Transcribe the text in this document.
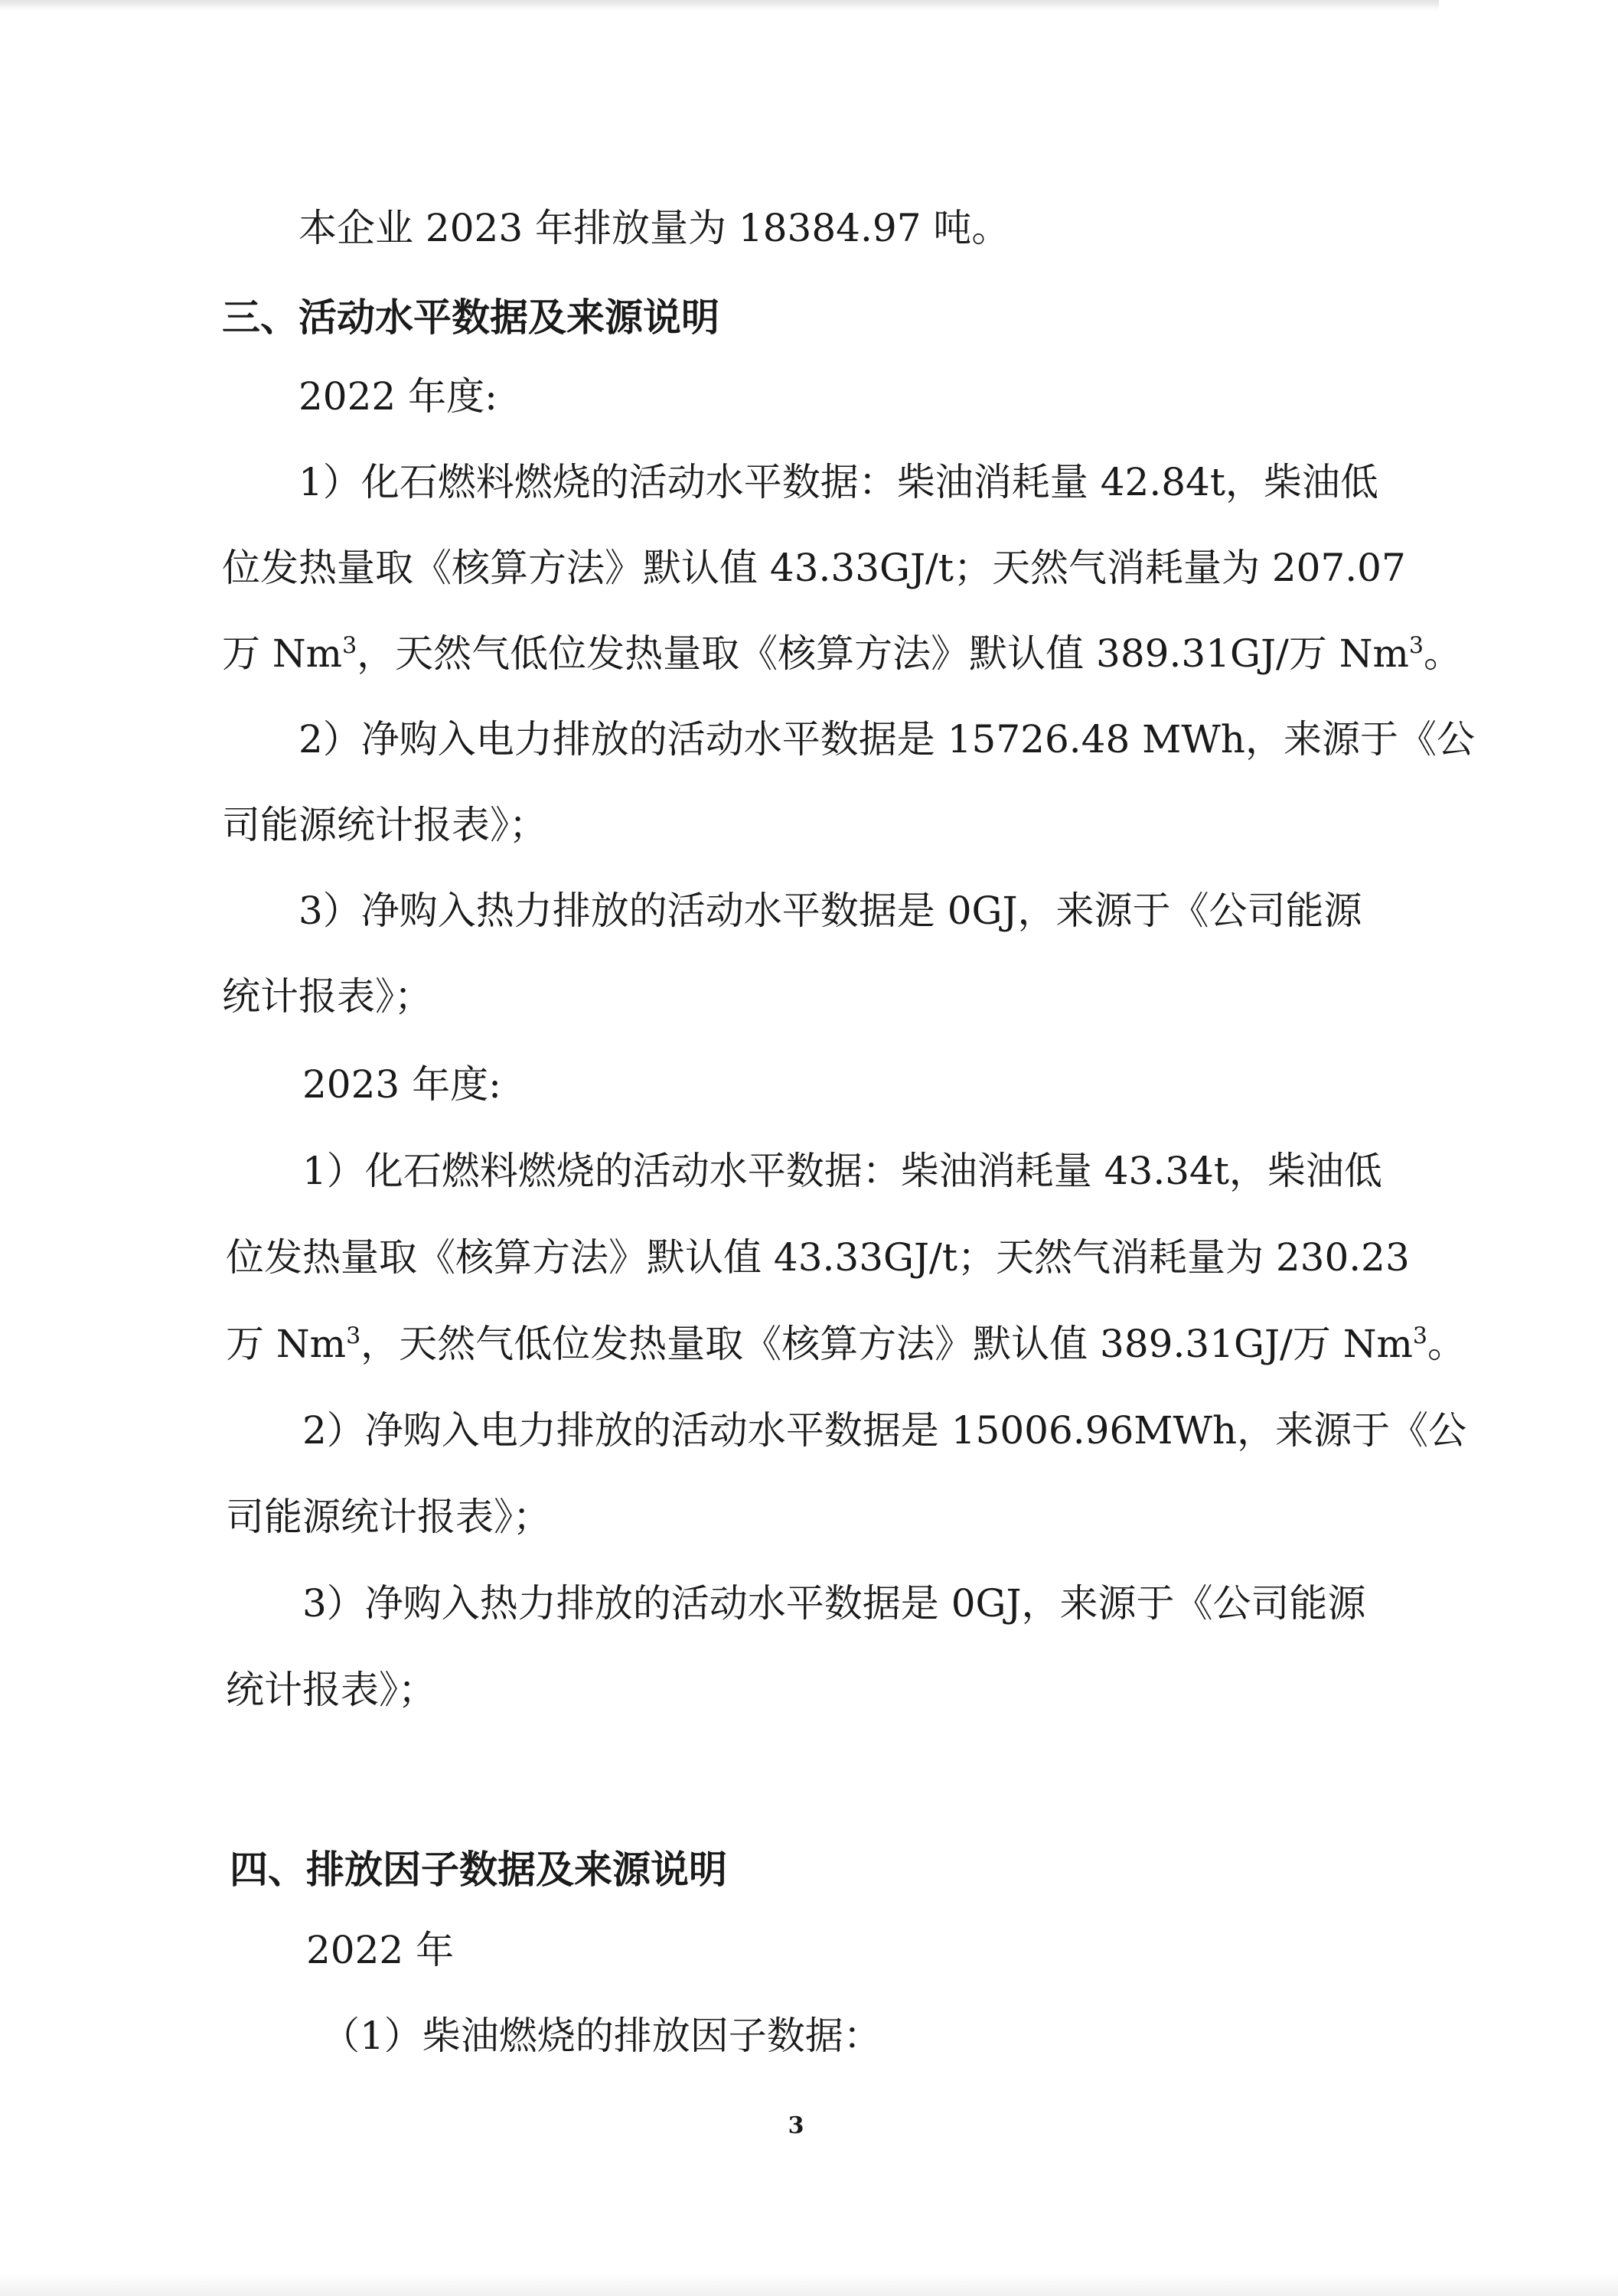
本企业 2023 年排放量为 18384.97 吨。
三、活动水平数据及来源说明
2022 年度:
1）化石燃料燃烧的活动水平数据：柴油消耗量 42.84t，柴油低
位发热量取《核算方法》默认值 43.33GJ/t；天然气消耗量为 207.07
万 Nm$^3$，天然气低位发热量取《核算方法》默认值 389.31GJ/万 Nm$^3$。
2）净购入电力排放的活动水平数据是 15726.48 MWh，来源于《公
司能源统计报表》；
3）净购入热力排放的活动水平数据是 0GJ，来源于《公司能源
统计报表》；
2023 年度:
1）化石燃料燃烧的活动水平数据：柴油消耗量 43.34t，柴油低
位发热量取《核算方法》默认值 43.33GJ/t；天然气消耗量为 230.23
万 Nm$^3$，天然气低位发热量取《核算方法》默认值 389.31GJ/万 Nm$^3$。
2）净购入电力排放的活动水平数据是 15006.96MWh，来源于《公
司能源统计报表》；
3）净购入热力排放的活动水平数据是 0GJ，来源于《公司能源
统计报表》；
四、排放因子数据及来源说明
2022 年
（1）柴油燃烧的排放因子数据：
3
